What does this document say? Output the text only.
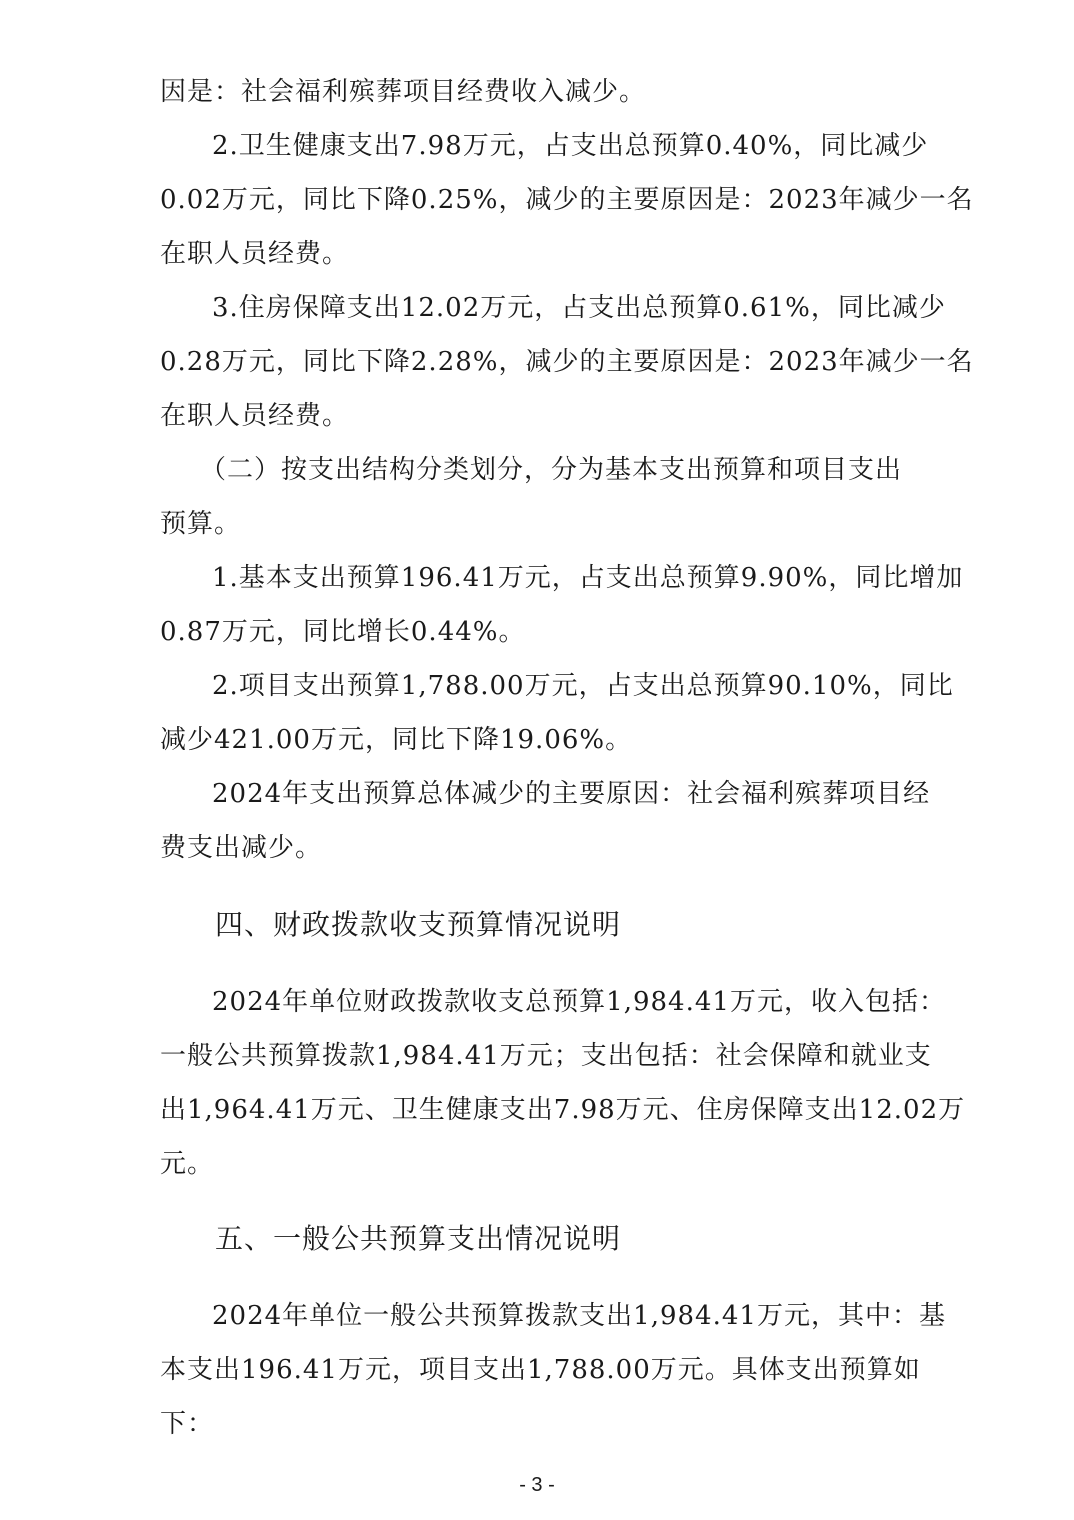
因是：社会福利殡葬项目经费收入减少。
2.卫生健康支出7.98万元，占支出总预算0.40%，同比减少
0.02万元，同比下降0.25%，减少的主要原因是：2023年减少一名
在职人员经费。
3.住房保障支出12.02万元，占支出总预算0.61%，同比减少
0.28万元，同比下降2.28%，减少的主要原因是：2023年减少一名
在职人员经费。
（二）按支出结构分类划分，分为基本支出预算和项目支出
预算。
1.基本支出预算196.41万元，占支出总预算9.90%，同比增加
0.87万元，同比增长0.44%。
2.项目支出预算1,788.00万元，占支出总预算90.10%，同比
减少421.00万元，同比下降19.06%。
2024年支出预算总体减少的主要原因：社会福利殡葬项目经
费支出减少。
四、财政拨款收支预算情况说明
2024年单位财政拨款收支总预算1,984.41万元，收入包括：
一般公共预算拨款1,984.41万元；支出包括：社会保障和就业支
出1,964.41万元、卫生健康支出7.98万元、住房保障支出12.02万
元。
五、一般公共预算支出情况说明
2024年单位一般公共预算拨款支出1,984.41万元，其中：基
本支出196.41万元，项目支出1,788.00万元。具体支出预算如
下：
- 3 -
